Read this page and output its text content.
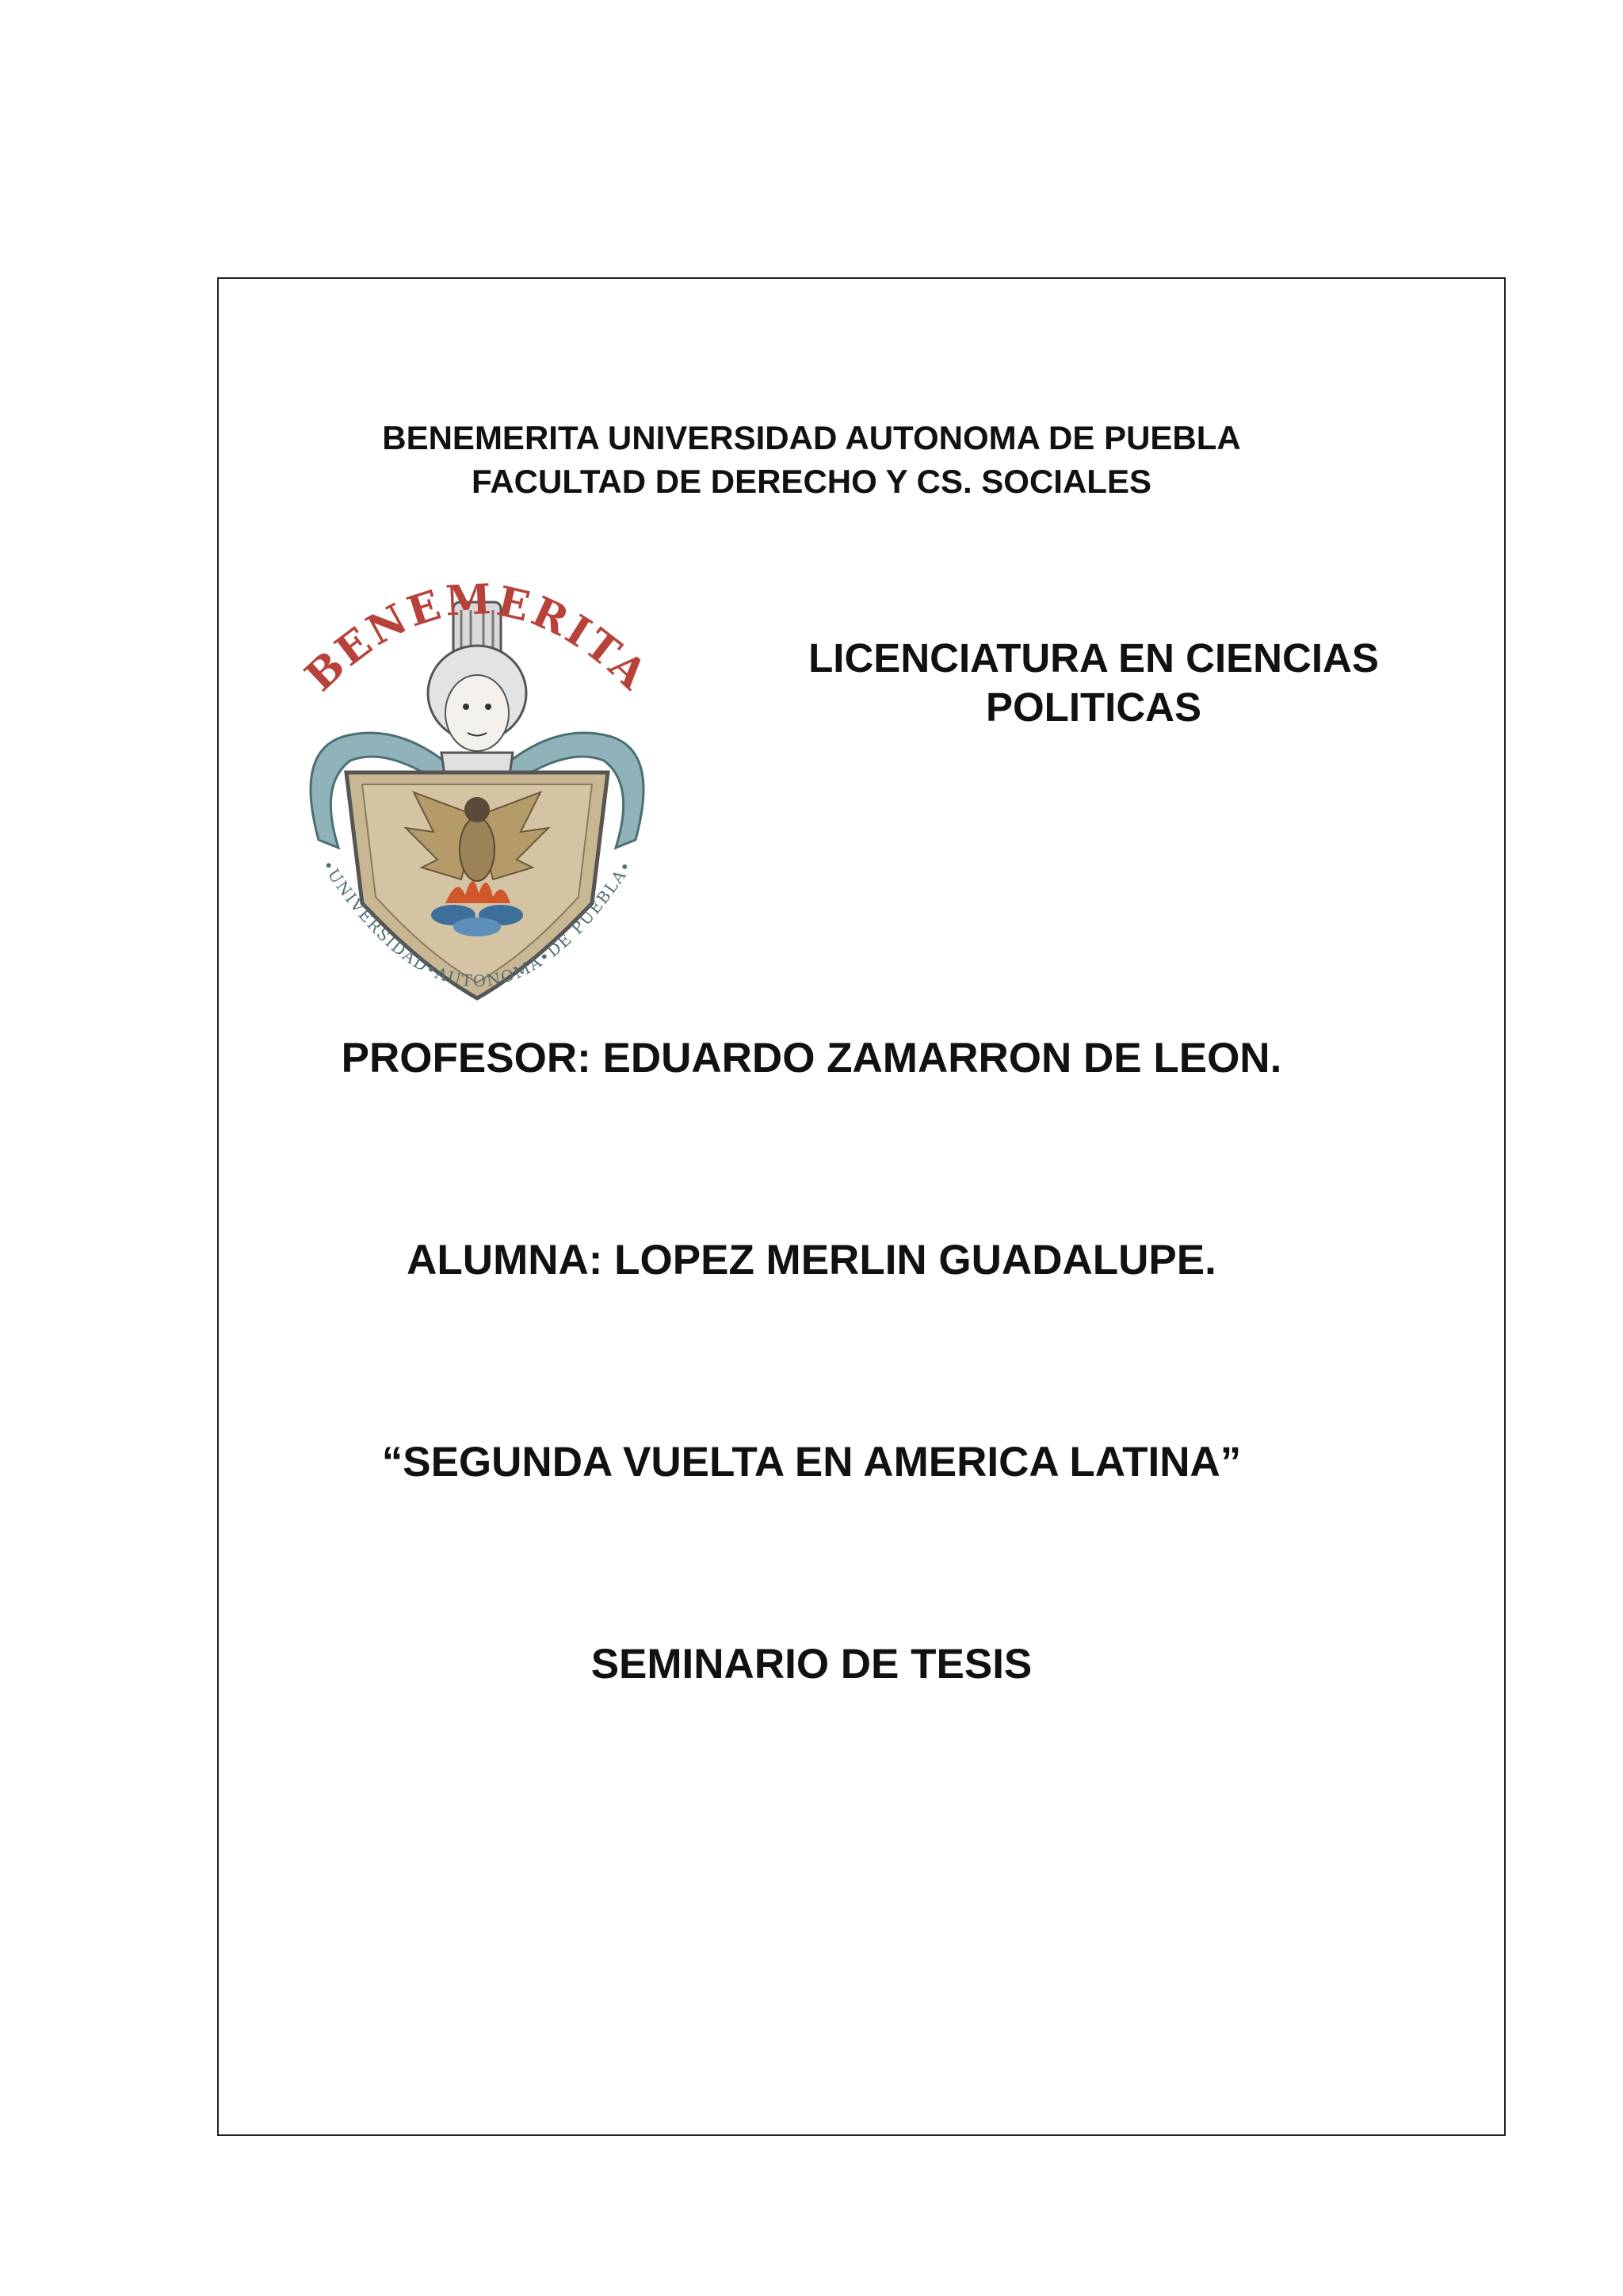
BENEMERITA UNIVERSIDAD AUTONOMA DE PUEBLA
FACULTAD DE DERECHO Y CS. SOCIALES
BENEMERITA
•UNIVERSIDAD•AUTONOMA•DE PUEBLA•
LICENCIATURA EN CIENCIAS
POLITICAS
PROFESOR: EDUARDO ZAMARRON DE LEON.
ALUMNA: LOPEZ MERLIN GUADALUPE.
“SEGUNDA VUELTA EN AMERICA LATINA”
SEMINARIO DE TESIS
